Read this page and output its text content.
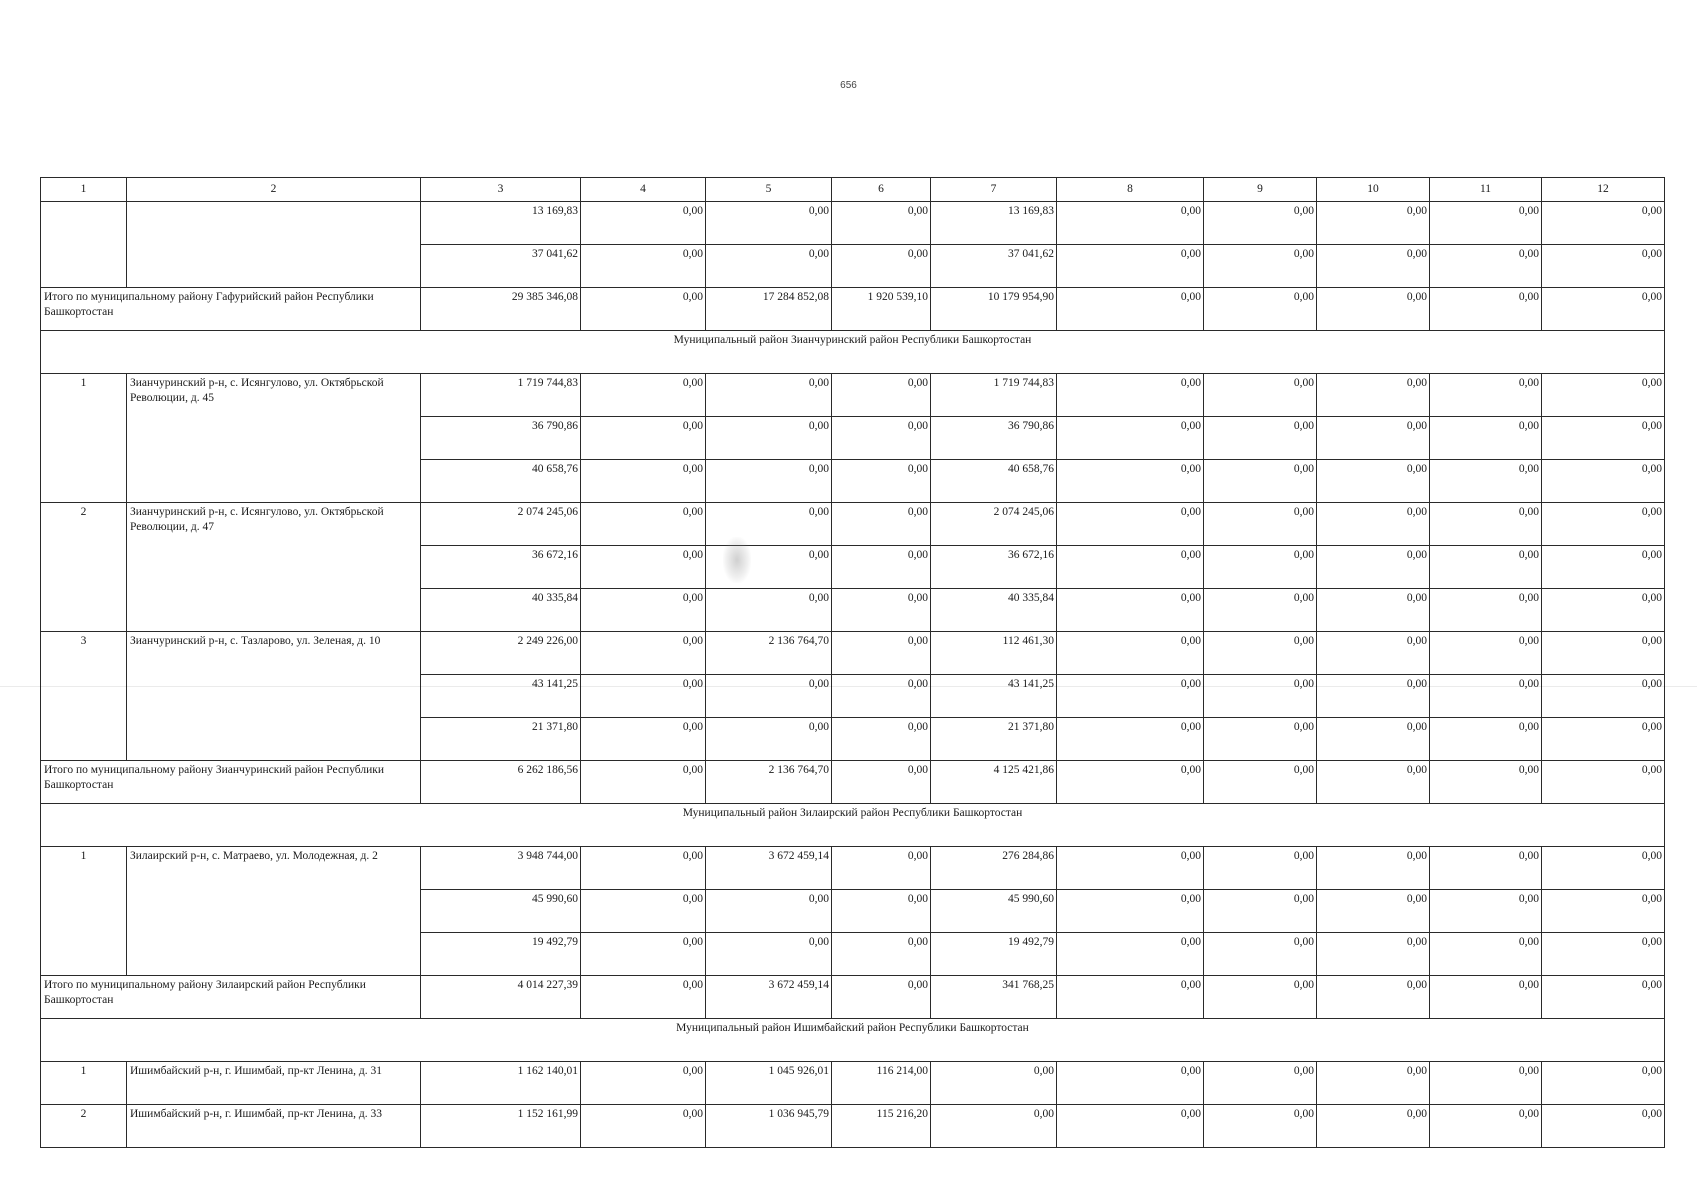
656
1	2	3	4	5	6	7	8	9	10	11	12
		13 169,83	0,00	0,00	0,00	13 169,83	0,00	0,00	0,00	0,00	0,00
		37 041,62	0,00	0,00	0,00	37 041,62	0,00	0,00	0,00	0,00	0,00
Итого по муниципальному району Гафурийский район Республики Башкортостан		29 385 346,08	0,00	17 284 852,08	1 920 539,10	10 179 954,90	0,00	0,00	0,00	0,00	0,00
Муниципальный район Зианчуринский район Республики Башкортостан											
1	Зианчуринский р-н, с. Исянгулово, ул. Октябрьской Революции, д. 45	1 719 744,83	0,00	0,00	0,00	1 719 744,83	0,00	0,00	0,00	0,00	0,00
		36 790,86	0,00	0,00	0,00	36 790,86	0,00	0,00	0,00	0,00	0,00
		40 658,76	0,00	0,00	0,00	40 658,76	0,00	0,00	0,00	0,00	0,00
2	Зианчуринский р-н, с. Исянгулово, ул. Октябрьской Революции, д. 47	2 074 245,06	0,00	0,00	0,00	2 074 245,06	0,00	0,00	0,00	0,00	0,00
		36 672,16	0,00	0,00	0,00	36 672,16	0,00	0,00	0,00	0,00	0,00
		40 335,84	0,00	0,00	0,00	40 335,84	0,00	0,00	0,00	0,00	0,00
3	Зианчуринский р-н, с. Тазларово, ул. Зеленая, д. 10	2 249 226,00	0,00	2 136 764,70	0,00	112 461,30	0,00	0,00	0,00	0,00	0,00
		43 141,25	0,00	0,00	0,00	43 141,25	0,00	0,00	0,00	0,00	0,00
		21 371,80	0,00	0,00	0,00	21 371,80	0,00	0,00	0,00	0,00	0,00
Итого по муниципальному району Зианчуринский район Республики Башкортостан		6 262 186,56	0,00	2 136 764,70	0,00	4 125 421,86	0,00	0,00	0,00	0,00	0,00
Муниципальный район Зилаирский район Республики Башкортостан											
1	Зилаирский р-н, с. Матраево, ул. Молодежная, д. 2	3 948 744,00	0,00	3 672 459,14	0,00	276 284,86	0,00	0,00	0,00	0,00	0,00
		45 990,60	0,00	0,00	0,00	45 990,60	0,00	0,00	0,00	0,00	0,00
		19 492,79	0,00	0,00	0,00	19 492,79	0,00	0,00	0,00	0,00	0,00
Итого по муниципальному району Зилаирский район Республики Башкортостан		4 014 227,39	0,00	3 672 459,14	0,00	341 768,25	0,00	0,00	0,00	0,00	0,00
Муниципальный район Ишимбайский район Республики Башкортостан											
1	Ишимбайский р-н, г. Ишимбай, пр-кт Ленина, д. 31	1 162 140,01	0,00	1 045 926,01	116 214,00	0,00	0,00	0,00	0,00	0,00	0,00
2	Ишимбайский р-н, г. Ишимбай, пр-кт Ленина, д. 33	1 152 161,99	0,00	1 036 945,79	115 216,20	0,00	0,00	0,00	0,00	0,00	0,00
